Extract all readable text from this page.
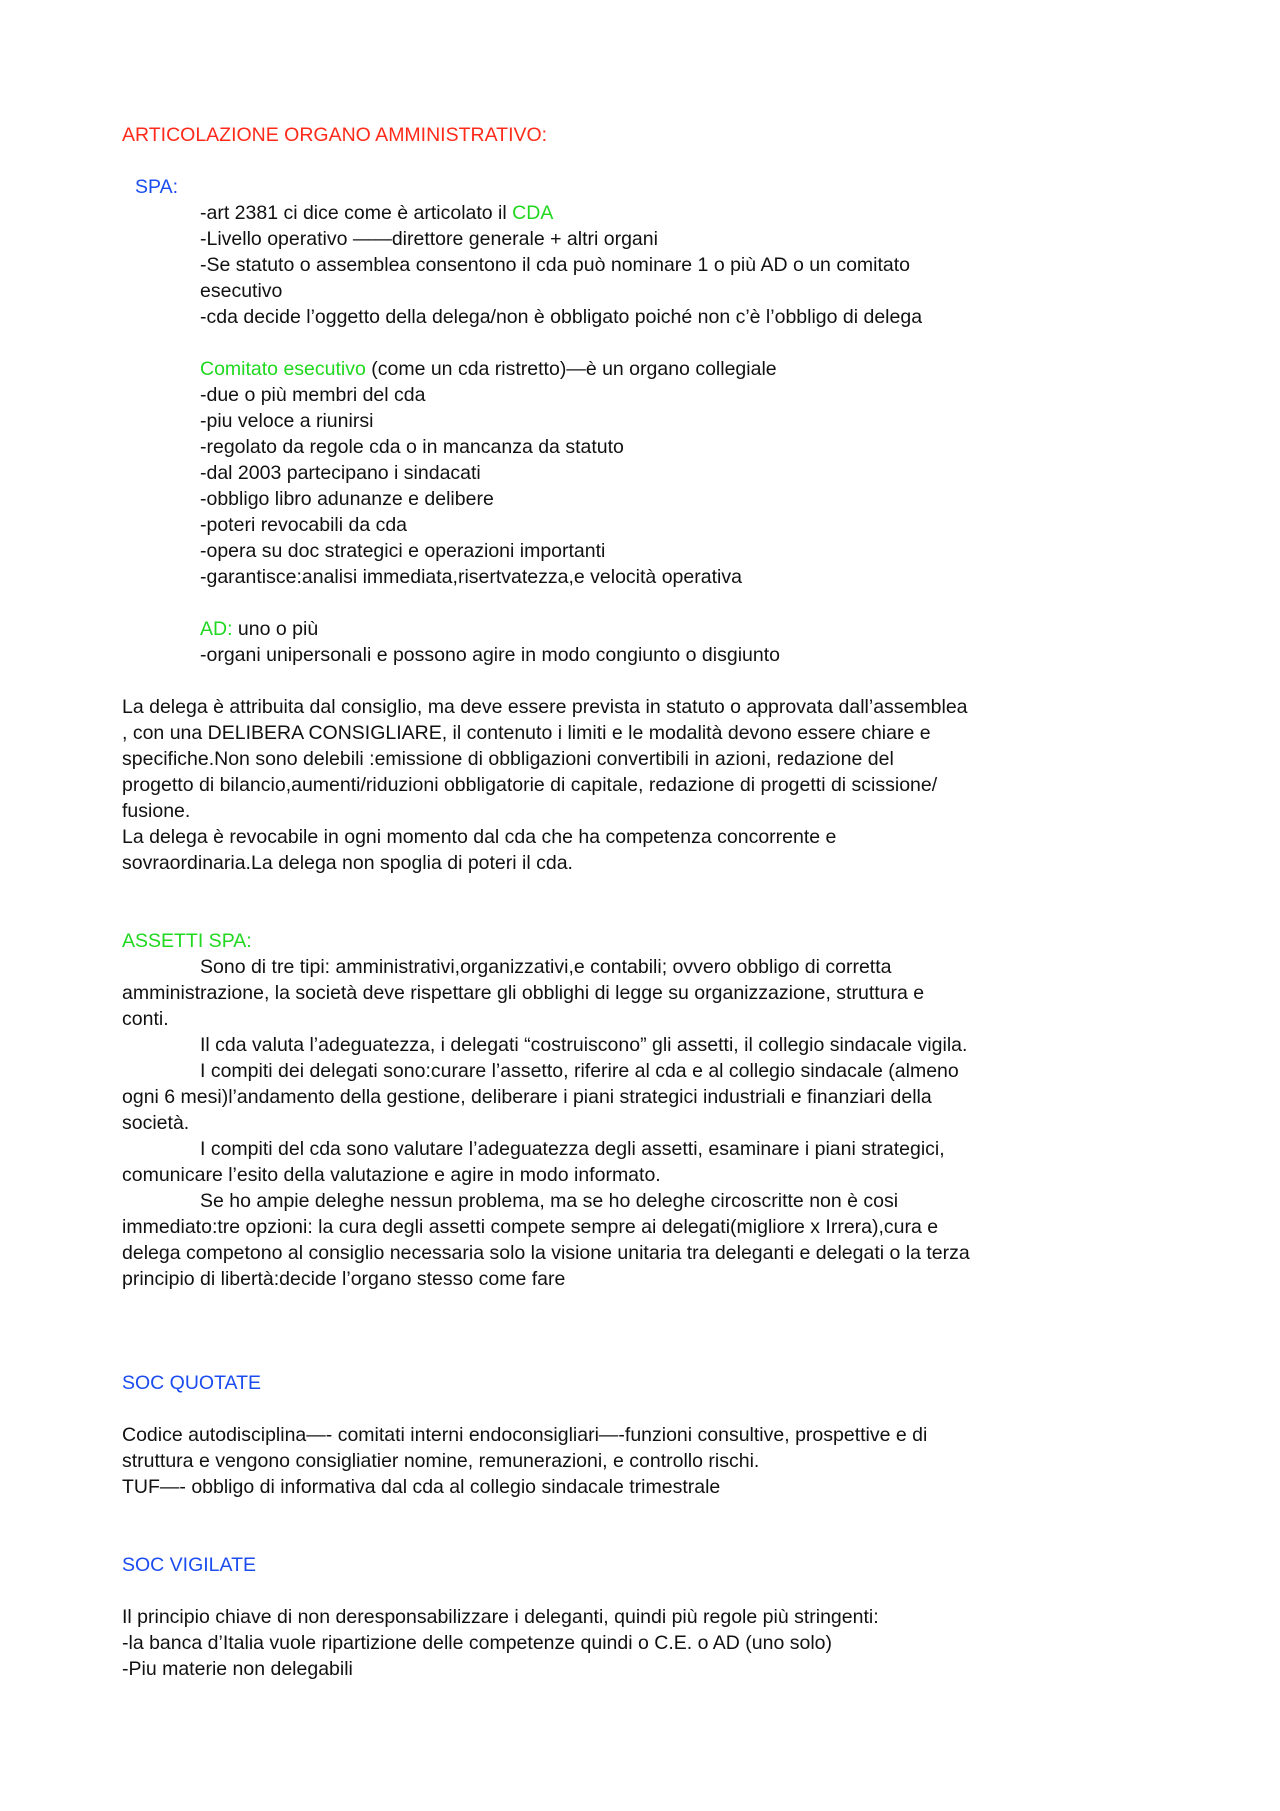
ARTICOLAZIONE ORGANO AMMINISTRATIVO:
SPA:
-art 2381 ci dice come è articolato il CDA
-Livello operativo ——direttore generale + altri organi
-Se statuto o assemblea consentono il cda può nominare 1 o più AD o un comitato
esecutivo
-cda decide l’oggetto della delega/non è obbligato poiché non c’è l’obbligo di delega
Comitato esecutivo (come un cda ristretto)—è un organo collegiale
-due o più membri del cda
-piu veloce a riunirsi
-regolato da regole cda o in mancanza da statuto
-dal 2003 partecipano i sindacati
-obbligo libro adunanze e delibere
-poteri revocabili da cda
-opera su doc strategici e operazioni importanti
-garantisce:analisi immediata,risertvatezza,e velocità operativa
AD: uno o più
-organi unipersonali e possono agire in modo congiunto o disgiunto
La delega è attribuita dal consiglio, ma deve essere prevista in statuto o approvata dall’assemblea
, con una DELIBERA CONSIGLIARE, il contenuto i limiti e le modalità devono essere chiare e
specifiche.Non sono delebili :emissione di obbligazioni convertibili in azioni, redazione del
progetto di bilancio,aumenti/riduzioni obbligatorie di capitale, redazione di progetti di scissione/
fusione.
La delega è revocabile in ogni momento dal cda che ha competenza concorrente e
sovraordinaria.La delega non spoglia di poteri il cda.
ASSETTI SPA:
Sono di tre tipi: amministrativi,organizzativi,e contabili; ovvero obbligo di corretta
amministrazione, la società deve rispettare gli obblighi di legge su organizzazione, struttura e
conti.
Il cda valuta l’adeguatezza, i delegati “costruiscono” gli assetti, il collegio sindacale vigila.
I compiti dei delegati sono:curare l’assetto, riferire al cda e al collegio sindacale (almeno
ogni 6 mesi)l’andamento della gestione, deliberare i piani strategici industriali e finanziari della
società.
I compiti del cda sono valutare l’adeguatezza degli assetti, esaminare i piani strategici,
comunicare l’esito della valutazione e agire in modo informato.
Se ho ampie deleghe nessun problema, ma se ho deleghe circoscritte non è cosi
immediato:tre opzioni: la cura degli assetti compete sempre ai delegati(migliore x Irrera),cura e
delega competono al consiglio necessaria solo la visione unitaria tra deleganti e delegati o la terza
principio di libertà:decide l’organo stesso come fare
SOC QUOTATE
Codice autodisciplina—- comitati interni endoconsigliari—-funzioni consultive, prospettive e di
struttura e vengono consigliatier nomine, remunerazioni, e controllo rischi.
TUF—- obbligo di informativa dal cda al collegio sindacale trimestrale
SOC VIGILATE
Il principio chiave di non deresponsabilizzare i deleganti, quindi più regole più stringenti:
-la banca d’Italia vuole ripartizione delle competenze quindi o C.E. o AD (uno solo)
-Piu materie non delegabili
